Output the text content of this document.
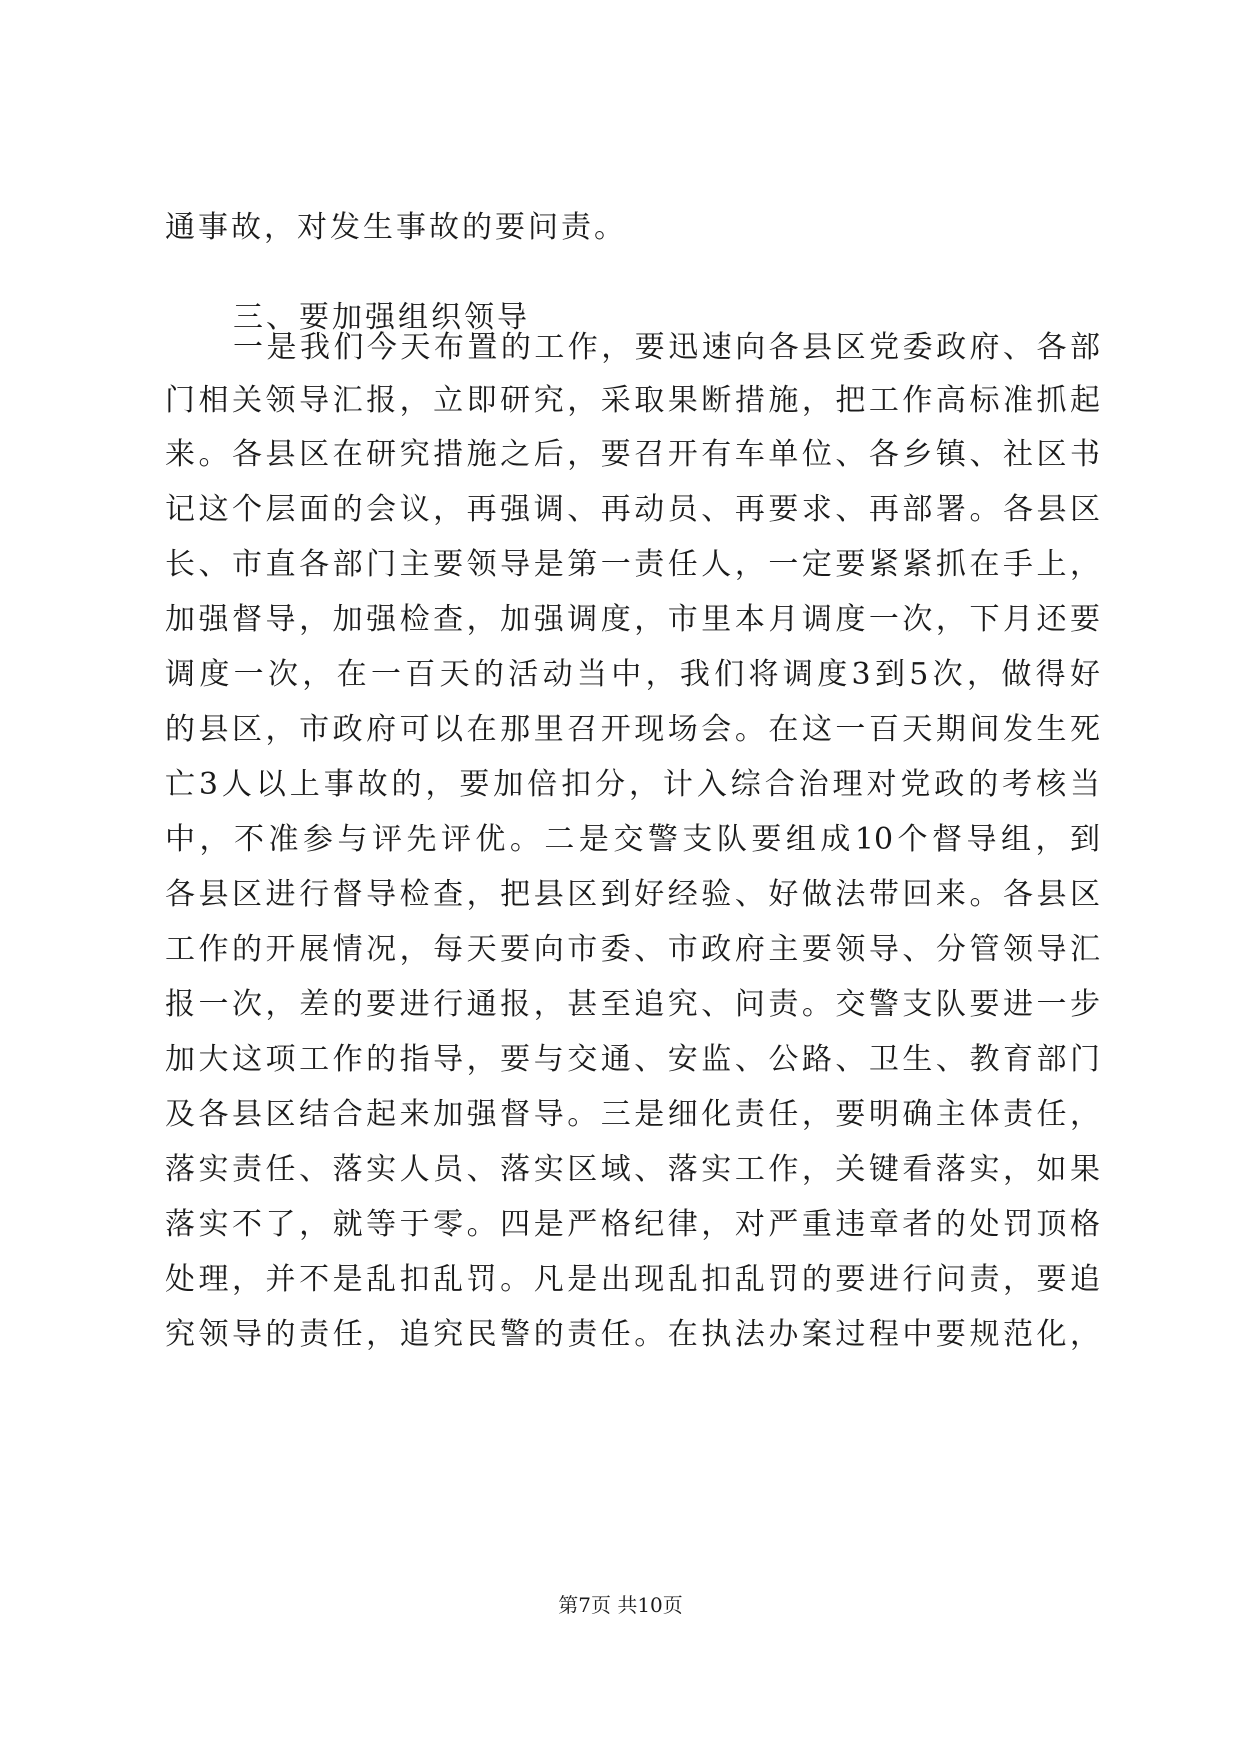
通事故，对发生事故的要问责。
三、要加强组织领导
一是我们今天布置的工作，要迅速向各县区党委政府、各部
门相关领导汇报，立即研究，采取果断措施，把工作高标准抓起
来。各县区在研究措施之后，要召开有车单位、各乡镇、社区书
记这个层面的会议，再强调、再动员、再要求、再部署。各县区
长、市直各部门主要领导是第一责任人，一定要紧紧抓在手上，
加强督导，加强检查，加强调度，市里本月调度一次，下月还要
调度一次，在一百天的活动当中，我们将调度3到5次，做得好
的县区，市政府可以在那里召开现场会。在这一百天期间发生死
亡3人以上事故的，要加倍扣分，计入综合治理对党政的考核当
中，不准参与评先评优。二是交警支队要组成10个督导组，到
各县区进行督导检查，把县区到好经验、好做法带回来。各县区
工作的开展情况，每天要向市委、市政府主要领导、分管领导汇
报一次，差的要进行通报，甚至追究、问责。交警支队要进一步
加大这项工作的指导，要与交通、安监、公路、卫生、教育部门
及各县区结合起来加强督导。三是细化责任，要明确主体责任，
落实责任、落实人员、落实区域、落实工作，关键看落实，如果
落实不了，就等于零。四是严格纪律，对严重违章者的处罚顶格
处理，并不是乱扣乱罚。凡是出现乱扣乱罚的要进行问责，要追
究领导的责任，追究民警的责任。在执法办案过程中要规范化，
第7页 共10页
